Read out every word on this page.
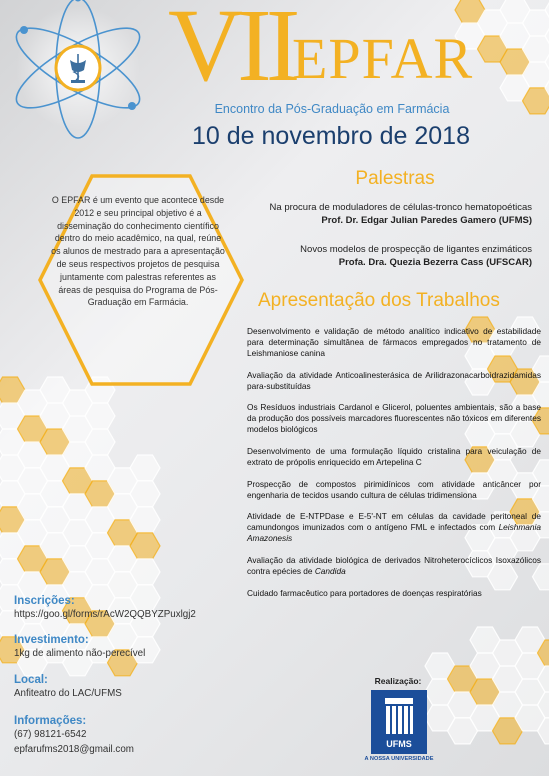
VII
EPFAR
Encontro da Pós-Graduação em Farmácia
10 de novembro de 2018
O EPFAR é um evento que acontece desde 2012 e seu principal objetivo é a disseminação do conhecimento científico dentro do meio acadêmico, na qual, reúne os alunos de mestrado para a apresentação de seus respectivos projetos de pesquisa juntamente com palestras referentes as áreas de pesquisa do Programa de Pós-Graduação em Farmácia.
Palestras
Na procura de moduladores de células-tronco hematopoéticas
Prof. Dr. Edgar Julian Paredes Gamero (UFMS)
Novos modelos de prospecção de ligantes enzimáticos
Profa. Dra. Quezia Bezerra Cass (UFSCAR)
Apresentação dos Trabalhos
Desenvolvimento e validação de método analítico indicativo de estabilidade para determinação simultânea de fármacos empregados no tratamento de Leishmaniose canina
Avaliação da atividade Anticoalinesterásica de Arilidrazonacarboidrazidamidas para-substituídas
Os Resíduos industriais Cardanol e Glicerol, poluentes ambientais, são a base da produção dos possíveis marcadores fluorescentes não tóxicos em diferentes modelos biológicos
Desenvolvimento de uma formulação líquido cristalina para veiculação de extrato de própolis enriquecido em Artepelina C
Prospecção de compostos pirimidínicos com atividade anticâncer por engenharia de tecidos usando cultura de células tridimensiona
Atividade de E-NTPDase e E-5'-NT em células da cavidade peritoneal de camundongos imunizados com o antígeno FML e infectados com Leishmania Amazonesis
Avaliação da atividade biológica de derivados Nitroheterocíclicos Isoxazólicos contra epécies de Candida
Cuidado farmacêutico para portadores de doenças respiratórias
Inscrições:
https://goo.gl/forms/rAcW2QQBYZPuxlgj2
Investimento:
1kg de alimento não-perecível
Local:
Anfiteatro do LAC/UFMS
Informações:
(67) 98121-6542
epfarufms2018@gmail.com
Realização:
UFMS
A NOSSA UNIVERSIDADE
